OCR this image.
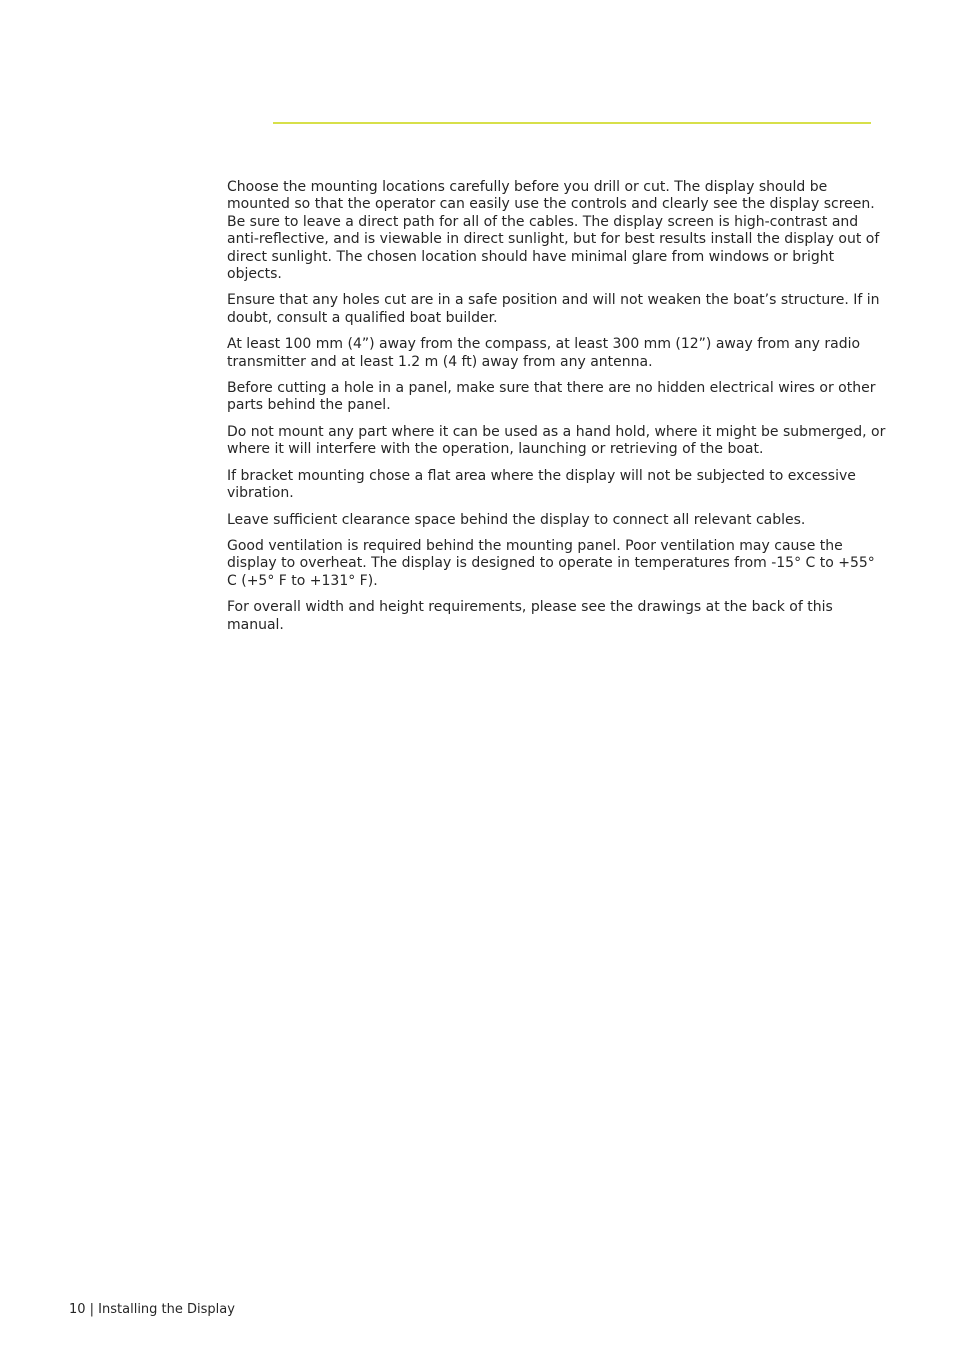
Choose the mounting locations carefully before you drill or cut. The display should be mounted so that the operator can easily use the controls and clearly see the display screen. Be sure to leave a direct path for all of the cables. The display screen is high-contrast and anti-reflective, and is viewable in direct sunlight, but for best results install the display out of direct sunlight. The chosen location should have minimal glare from windows or bright objects.

Ensure that any holes cut are in a safe position and will not weaken the boat’s structure. If in doubt, consult a qualified boat builder.

At least 100 mm (4”) away from the compass, at least 300 mm (12”) away from any radio transmitter and at least 1.2 m (4 ft) away from any antenna.

Before cutting a hole in a panel, make sure that there are no hidden electrical wires or other parts behind the panel.

Do not mount any part where it can be used as a hand hold, where it might be submerged, or where it will interfere with the operation, launching or retrieving of the boat.

If bracket mounting chose a flat area where the display will not be subjected to excessive vibration.

Leave sufficient clearance space behind the display to connect all relevant cables.

Good ventilation is required behind the mounting panel. Poor ventilation may cause the display to overheat. The display is designed to operate in temperatures from -15° C to +55° C (+5° F to +131° F).

For overall width and height requirements, please see the drawings at the back of this manual.

10 | Installing the Display
